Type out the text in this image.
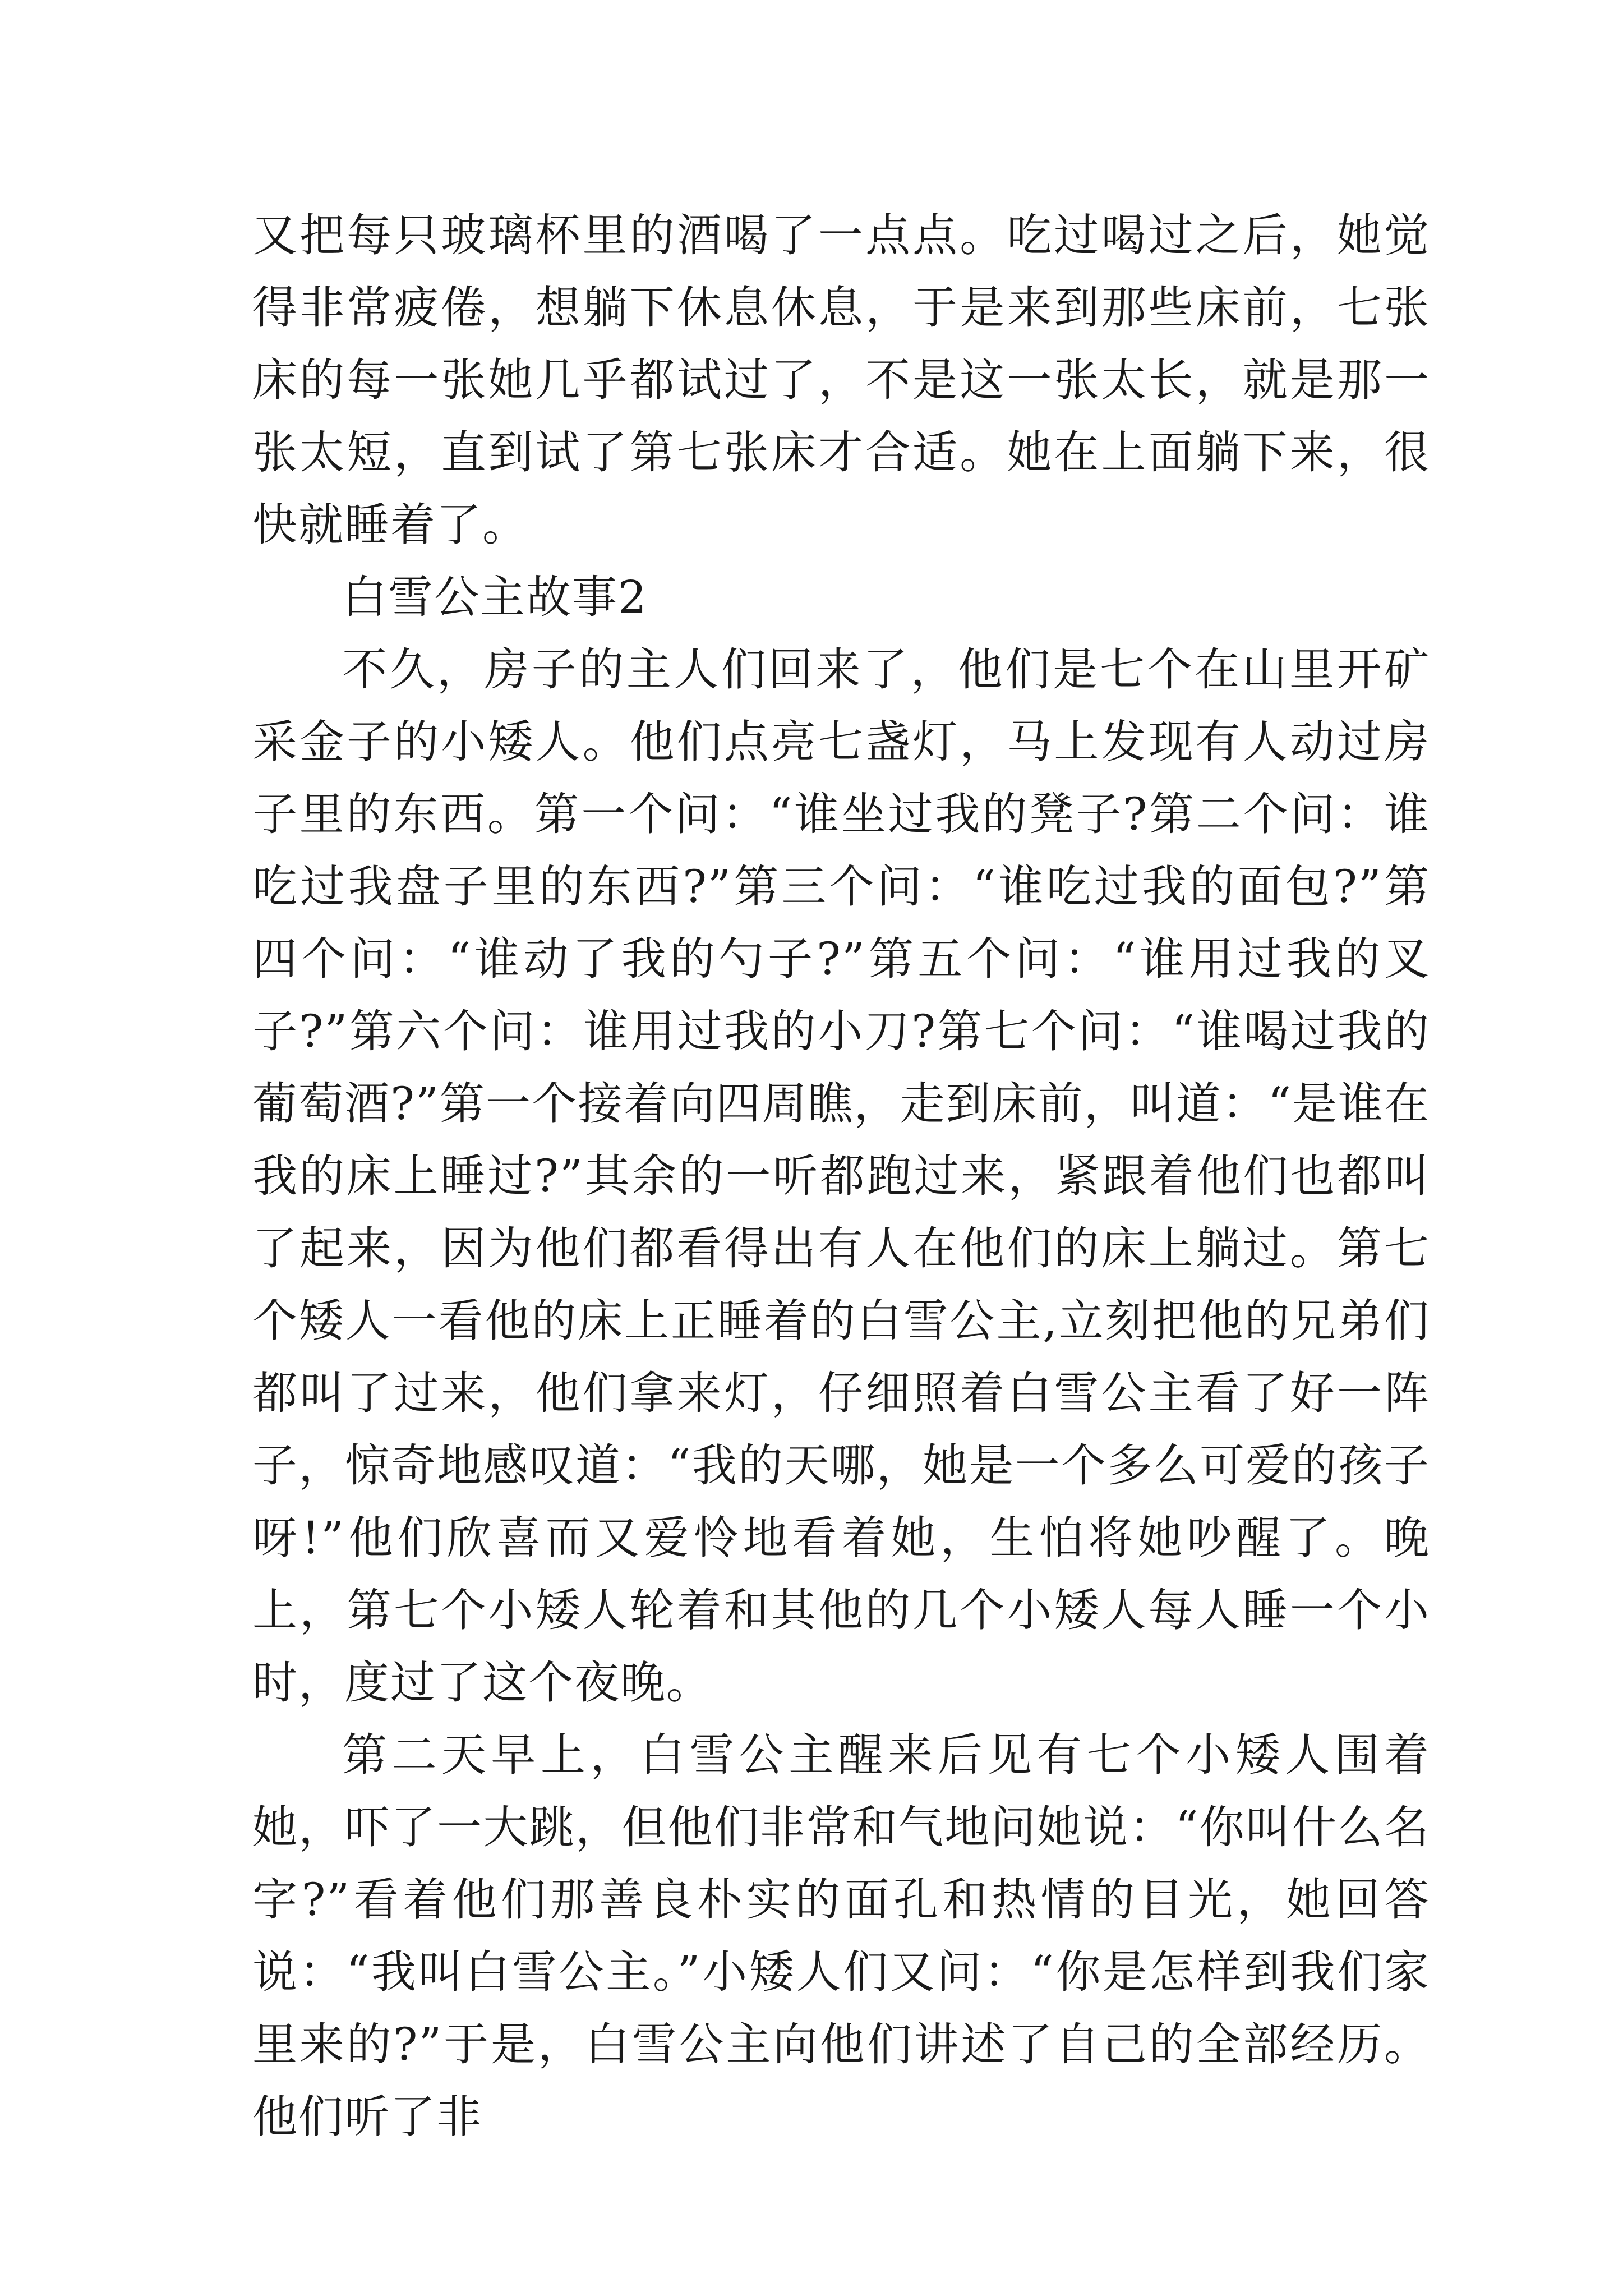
又把每只玻璃杯里的酒喝了一点点。吃过喝过之后，她觉得非常疲倦，想躺下休息休息，于是来到那些床前，七张床的每一张她几乎都试过了，不是这一张太长，就是那一张太短，直到试了第七张床才合适。她在上面躺下来，很快就睡着了。

白雪公主故事2

不久，房子的主人们回来了，他们是七个在山里开矿采金子的小矮人。他们点亮七盏灯，马上发现有人动过房子里的东西。第一个问：“谁坐过我的凳子?第二个问：谁吃过我盘子里的东西?”第三个问：“谁吃过我的面包?”第四个问：“谁动了我的勺子?”第五个问：“谁用过我的叉子?”第六个问：谁用过我的小刀?第七个问：“谁喝过我的葡萄酒?”第一个接着向四周瞧，走到床前，叫道：“是谁在我的床上睡过?”其余的一听都跑过来，紧跟着他们也都叫了起来，因为他们都看得出有人在他们的床上躺过。第七个矮人一看他的床上正睡着的白雪公主,立刻把他的兄弟们都叫了过来，他们拿来灯，仔细照着白雪公主看了好一阵子，惊奇地感叹道：“我的天哪，她是一个多么可爱的孩子呀!”他们欣喜而又爱怜地看着她，生怕将她吵醒了。晚上，第七个小矮人轮着和其他的几个小矮人每人睡一个小时，度过了这个夜晚。

第二天早上，白雪公主醒来后见有七个小矮人围着她，吓了一大跳，但他们非常和气地问她说：“你叫什么名字?”看着他们那善良朴实的面孔和热情的目光，她回答说：“我叫白雪公主。”小矮人们又问：“你是怎样到我们家里来的?”于是，白雪公主向他们讲述了自己的全部经历。他们听了非
